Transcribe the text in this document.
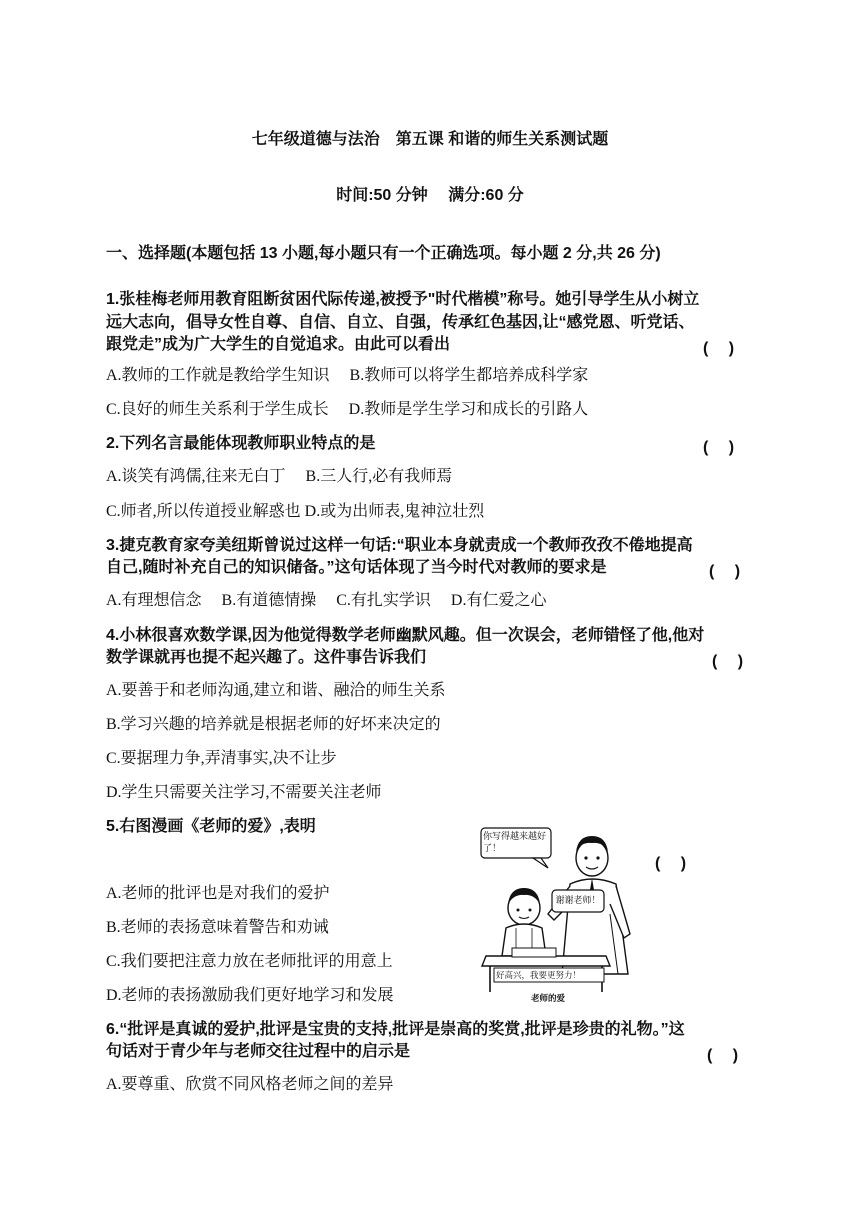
七年级道德与法治　第五课 和谐的师生关系测试题
时间:50 分钟　 满分:60 分
一、选择题(本题包括 13 小题,每小题只有一个正确选项。每小题 2 分,共 26 分)
1.张桂梅老师用教育阻断贫困代际传递,被授予"时代楷模”称号。她引导学生从小树立
远大志向，倡导女性自尊、自信、自立、自强，传承红色基因,让“感党恩、听党话、
跟党走”成为广大学生的自觉追求。由此可以看出	(　 )
A.教师的工作就是教给学生知识　 B.教师可以将学生都培养成科学家
C.良好的师生关系利于学生成长　 D.教师是学生学习和成长的引路人
2.下列名言最能体现教师职业特点的是	(　 )
A.谈笑有鸿儒,往来无白丁　 B.三人行,必有我师焉
C.师者,所以传道授业解惑也 D.或为出师表,鬼神泣壮烈
3.捷克教育家夸美纽斯曾说过这样一句话:“职业本身就责成一个教师孜孜不倦地提高
自己,随时补充自己的知识储备。”这句话体现了当今时代对教师的要求是	(　 )
A.有理想信念　 B.有道德情操　 C.有扎实学识　 D.有仁爱之心
4.小林很喜欢数学课,因为他觉得数学老师幽默风趣。但一次误会，老师错怪了他,他对
数学课就再也提不起兴趣了。这件事告诉我们	(　 )
A.要善于和老师沟通,建立和谐、融洽的师生关系
B.学习兴趣的培养就是根据老师的好坏来决定的
C.要据理力争,弄清事实,决不让步
D.学生只需要关注学习,不需要关注老师
5.右图漫画《老师的爱》,表明
(　 )
A.老师的批评也是对我们的爱护
B.老师的表扬意味着警告和劝诫
C.我们要把注意力放在老师批评的用意上
D.老师的表扬激励我们更好地学习和发展
你写得越来越好了！
谢谢老师！
好高兴，我要更努力！
老师的爱
6.“批评是真诚的爱护,批评是宝贵的支持,批评是崇高的奖赏,批评是珍贵的礼物。”这
句话对于青少年与老师交往过程中的启示是	(　 )
A.要尊重、欣赏不同风格老师之间的差异
